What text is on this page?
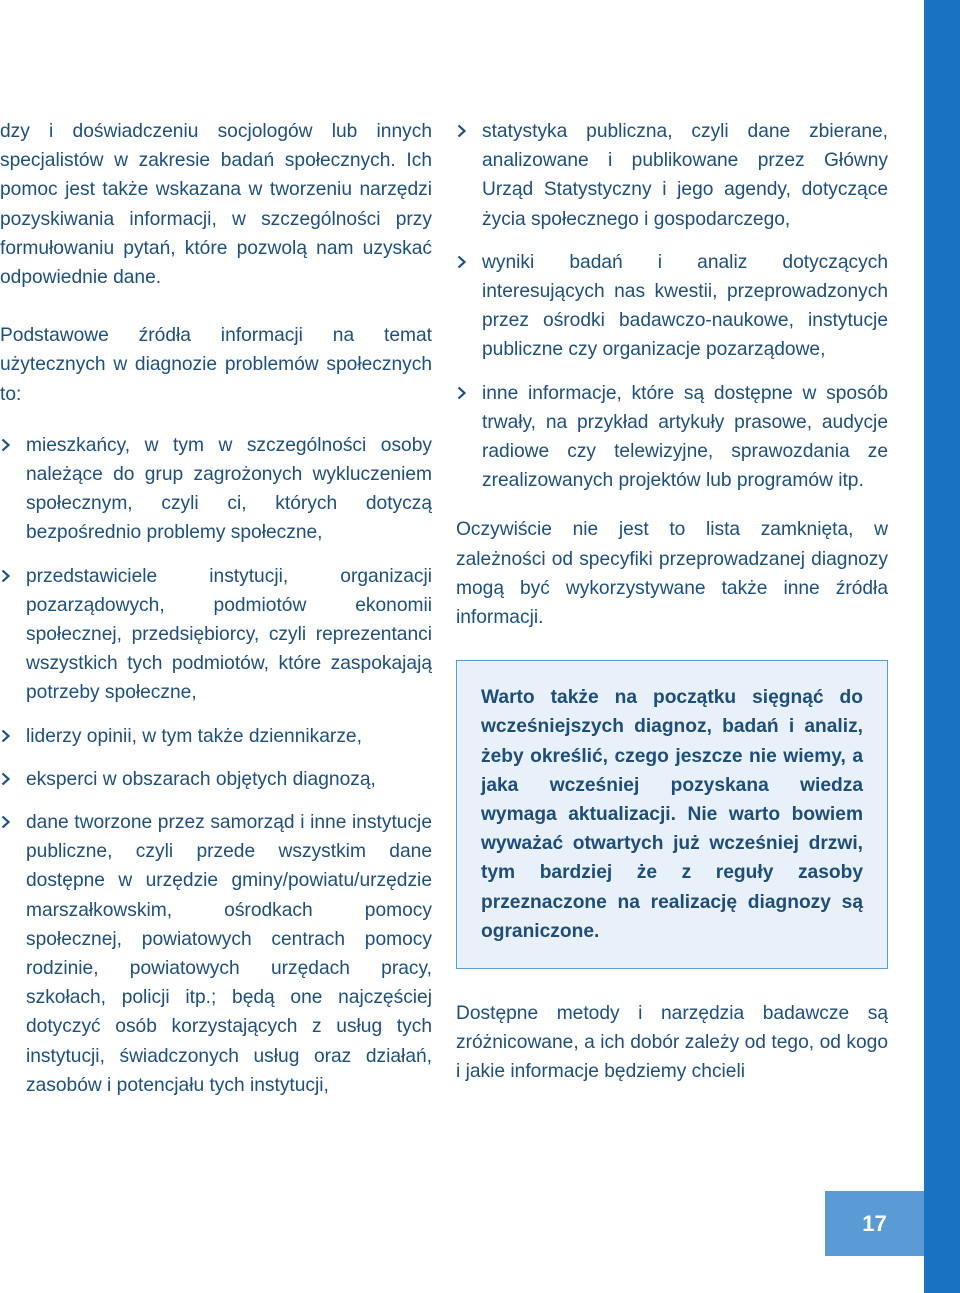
dzy i doświadczeniu socjologów lub innych specjalistów w zakresie badań społecznych. Ich pomoc jest także wskazana w tworzeniu narzędzi pozyskiwania informacji, w szczególności przy formułowaniu pytań, które pozwolą nam uzyskać odpowiednie dane.

Podstawowe źródła informacji na temat użytecznych w diagnozie problemów społecznych to:

mieszkańcy, w tym w szczególności osoby należące do grup zagrożonych wykluczeniem społecznym, czyli ci, których dotyczą bezpośrednio problemy społeczne,
przedstawiciele instytucji, organizacji pozarządowych, podmiotów ekonomii społecznej, przedsiębiorcy, czyli reprezentanci wszystkich tych podmiotów, które zaspokajają potrzeby społeczne,
liderzy opinii, w tym także dziennikarze,
eksperci w obszarach objętych diagnozą,
dane tworzone przez samorząd i inne instytucje publiczne, czyli przede wszystkim dane dostępne w urzędzie gminy/powiatu/urzędzie marszałkowskim, ośrodkach pomocy społecznej, powiatowych centrach pomocy rodzinie, powiatowych urzędach pracy, szkołach, policji itp.; będą one najczęściej dotyczyć osób korzystających z usług tych instytucji, świadczonych usług oraz działań, zasobów i potencjału tych instytucji,
statystyka publiczna, czyli dane zbierane, analizowane i publikowane przez Główny Urząd Statystyczny i jego agendy, dotyczące życia społecznego i gospodarczego,
wyniki badań i analiz dotyczących interesujących nas kwestii, przeprowadzonych przez ośrodki badawczo-naukowe, instytucje publiczne czy organizacje pozarządowe,
inne informacje, które są dostępne w sposób trwały, na przykład artykuły prasowe, audycje radiowe czy telewizyjne, sprawozdania ze zrealizowanych projektów lub programów itp.

Oczywiście nie jest to lista zamknięta, w zależności od specyfiki przeprowadzanej diagnozy mogą być wykorzystywane także inne źródła informacji.

Warto także na początku sięgnąć do wcześniejszych diagnoz, badań i analiz, żeby określić, czego jeszcze nie wiemy, a jaka wcześniej pozyskana wiedza wymaga aktualizacji. Nie warto bowiem wyważać otwartych już wcześniej drzwi, tym bardziej że z reguły zasoby przeznaczone na realizację diagnozy są ograniczone.

Dostępne metody i narzędzia badawcze są zróżnicowane, a ich dobór zależy od tego, od kogo i jakie informacje będziemy chcieli

17
